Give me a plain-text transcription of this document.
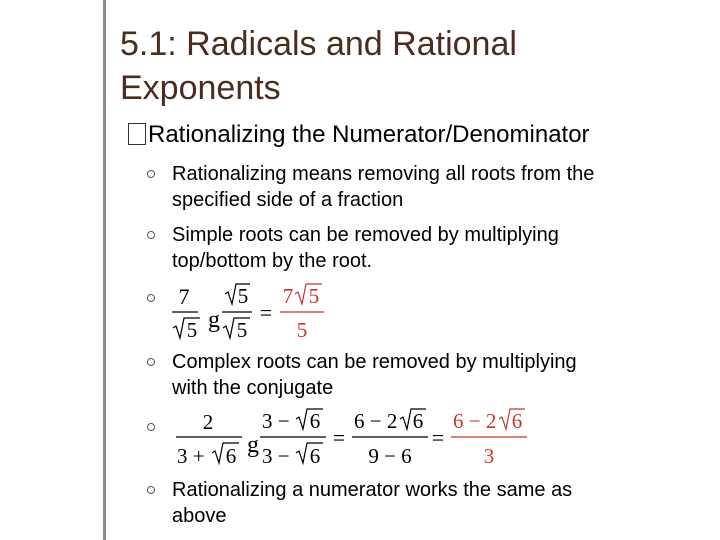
5.1: Radicals and Rational
Exponents
Rationalizing the Numerator/Denominator
Rationalizing means removing all roots from the
specified side of a fraction
Simple roots can be removed by multiplying
top/bottom by the root.
7
5 g
5
5
=
7 5
5
Complex roots can be removed by multiplying
with the conjugate
2
3 + 6 g
3 − 6
3 − 6
=
6 − 2 6
9 − 6
=
6 − 2 6
3
Rationalizing a numerator works the same as
above
